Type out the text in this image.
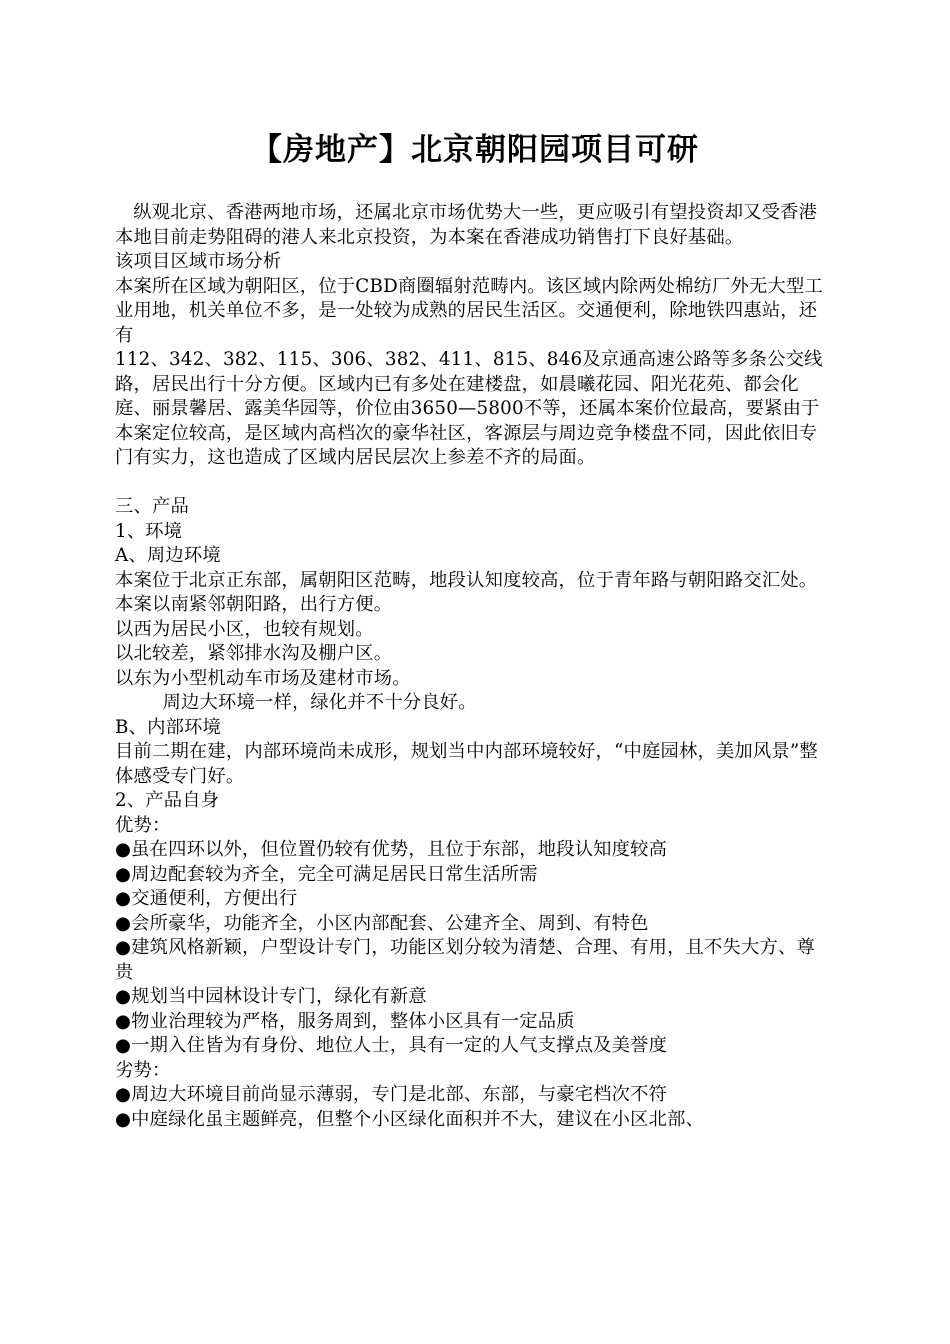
【房地产】北京朝阳园项目可研

纵观北京、香港两地市场，还属北京市场优势大一些，更应吸引有望投资却又受香港本地目前走势阻碍的港人来北京投资，为本案在香港成功销售打下良好基础。

该项目区域市场分析

本案所在区域为朝阳区，位于CBD商圈辐射范畴内。该区域内除两处棉纺厂外无大型工业用地，机关单位不多，是一处较为成熟的居民生活区。交通便利，除地铁四惠站，还有

112、342、382、115、306、382、411、815、846及京通高速公路等多条公交线路，居民出行十分方便。区域内已有多处在建楼盘，如晨曦花园、阳光花苑、都会化庭、丽景馨居、露美华园等，价位由3650—5800不等，还属本案价位最高，要紧由于本案定位较高，是区域内高档次的豪华社区，客源层与周边竞争楼盘不同，因此依旧专门有实力，这也造成了区域内居民层次上参差不齐的局面。

三、产品

1、环境

A、周边环境

本案位于北京正东部，属朝阳区范畴，地段认知度较高，位于青年路与朝阳路交汇处。

本案以南紧邻朝阳路，出行方便。

以西为居民小区，也较有规划。

以北较差，紧邻排水沟及棚户区。

以东为小型机动车市场及建材市场。

周边大环境一样，绿化并不十分良好。

B、内部环境

目前二期在建，内部环境尚未成形，规划当中内部环境较好，“中庭园林，美加风景”整体感受专门好。

2、产品自身

优势：

●虽在四环以外，但位置仍较有优势，且位于东部，地段认知度较高

●周边配套较为齐全，完全可满足居民日常生活所需

●交通便利，方便出行

●会所豪华，功能齐全，小区内部配套、公建齐全、周到、有特色

●建筑风格新颖，户型设计专门，功能区划分较为清楚、合理、有用，且不失大方、尊贵

●规划当中园林设计专门，绿化有新意

●物业治理较为严格，服务周到，整体小区具有一定品质

●一期入住皆为有身份、地位人士，具有一定的人气支撑点及美誉度

劣势：

●周边大环境目前尚显示薄弱，专门是北部、东部，与豪宅档次不符

●中庭绿化虽主题鲜亮，但整个小区绿化面积并不大，建议在小区北部、
